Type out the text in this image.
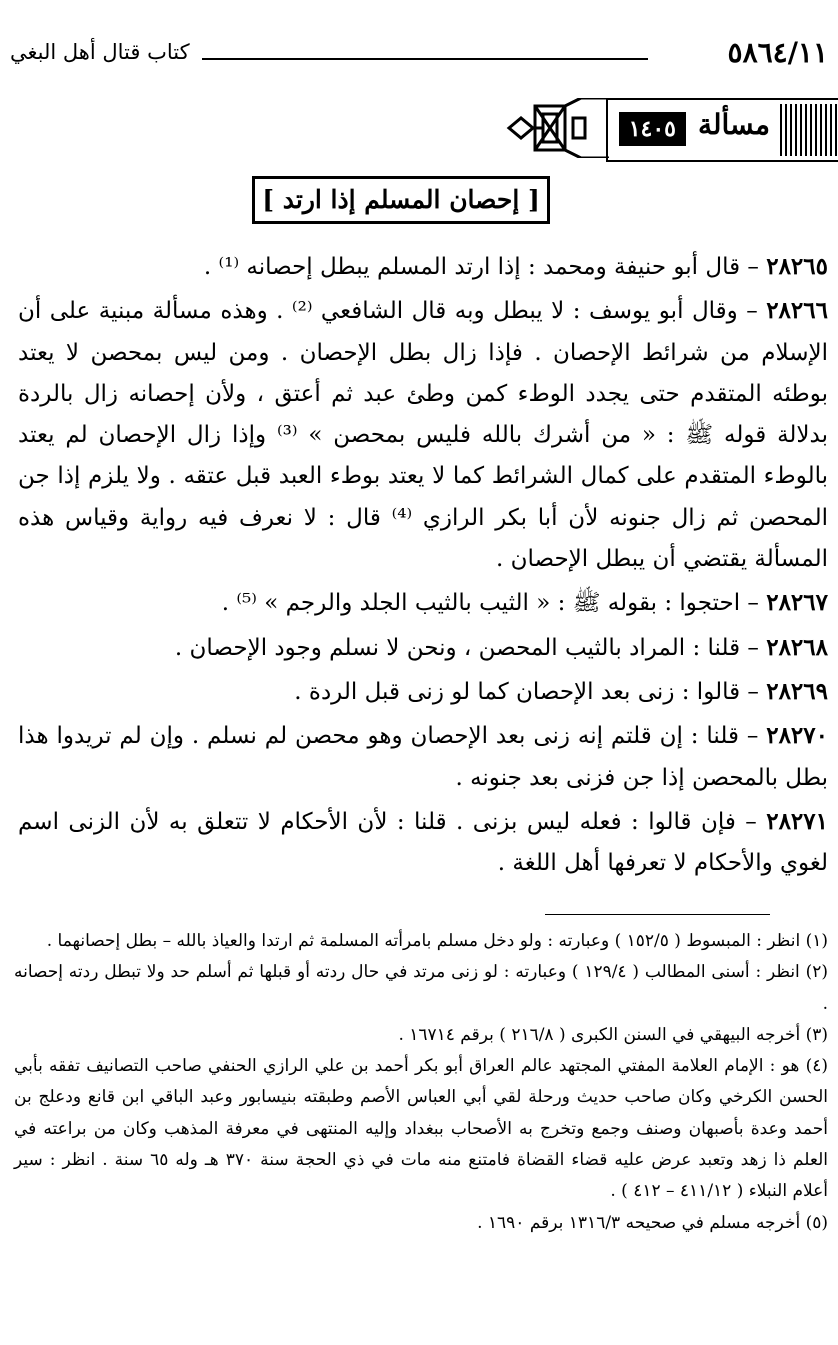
٥٨٦٤/١١
كتاب قتال أهل البغي
مسألة
١٤٠٥
[ إحصان المسلم إذا ارتد ]

٢٨٢٦٥ – قال أبو حنيفة ومحمد : إذا ارتد المسلم يبطل إحصانه ⁽¹⁾ .

٢٨٢٦٦ – وقال أبو يوسف : لا يبطل وبه قال الشافعي ⁽²⁾ . وهذه مسألة مبنية على أن الإسلام من شرائط الإحصان . فإذا زال بطل الإحصان . ومن ليس بمحصن لا يعتد بوطئه المتقدم حتى يجدد الوطء كمن وطئ عبد ثم أعتق ، ولأن إحصانه زال بالردة بدلالة قوله ﷺ : « من أشرك بالله فليس بمحصن » ⁽³⁾ وإذا زال الإحصان لم يعتد بالوطء المتقدم على كمال الشرائط كما لا يعتد بوطء العبد قبل عتقه . ولا يلزم إذا جن المحصن ثم زال جنونه لأن أبا بكر الرازي ⁽⁴⁾ قال : لا نعرف فيه رواية وقياس هذه المسألة يقتضي أن يبطل الإحصان .

٢٨٢٦٧ – احتجوا : بقوله ﷺ : « الثيب بالثيب الجلد والرجم » ⁽⁵⁾ .

٢٨٢٦٨ – قلنا : المراد بالثيب المحصن ، ونحن لا نسلم وجود الإحصان .

٢٨٢٦٩ – قالوا : زنى بعد الإحصان كما لو زنى قبل الردة .

٢٨٢٧٠ – قلنا : إن قلتم إنه زنى بعد الإحصان وهو محصن لم نسلم . وإن لم تريدوا هذا بطل بالمحصن إذا جن فزنى بعد جنونه .

٢٨٢٧١ – فإن قالوا : فعله ليس بزنى . قلنا : لأن الأحكام لا تتعلق به لأن الزنى اسم لغوي والأحكام لا تعرفها أهل اللغة .

(١) انظر : المبسوط ( ١٥٢/٥ ) وعبارته : ولو دخل مسلم بامرأته المسلمة ثم ارتدا والعياذ بالله – بطل إحصانهما .

(٢) انظر : أسنى المطالب ( ١٢٩/٤ ) وعبارته : لو زنى مرتد في حال ردته أو قبلها ثم أسلم حد ولا تبطل ردته إحصانه .

(٣) أخرجه البيهقي في السنن الكبرى ( ٢١٦/٨ ) برقم ١٦٧١٤ .

(٤) هو : الإمام العلامة المفتي المجتهد عالم العراق أبو بكر أحمد بن علي الرازي الحنفي صاحب التصانيف تفقه بأبي الحسن الكرخي وكان صاحب حديث ورحلة لقي أبي العباس الأصم وطبقته بنيسابور وعبد الباقي ابن قانع ودعلج بن أحمد وعدة بأصبهان وصنف وجمع وتخرج به الأصحاب ببغداد وإليه المنتهى في معرفة المذهب وكان من براعته في العلم ذا زهد وتعبد عرض عليه قضاء القضاة فامتنع منه مات في ذي الحجة سنة ٣٧٠ هـ وله ٦٥ سنة . انظر : سير أعلام النبلاء ( ٤١١/١٢ – ٤١٢ ) .

(٥) أخرجه مسلم في صحيحه ١٣١٦/٣ برقم ١٦٩٠ .
